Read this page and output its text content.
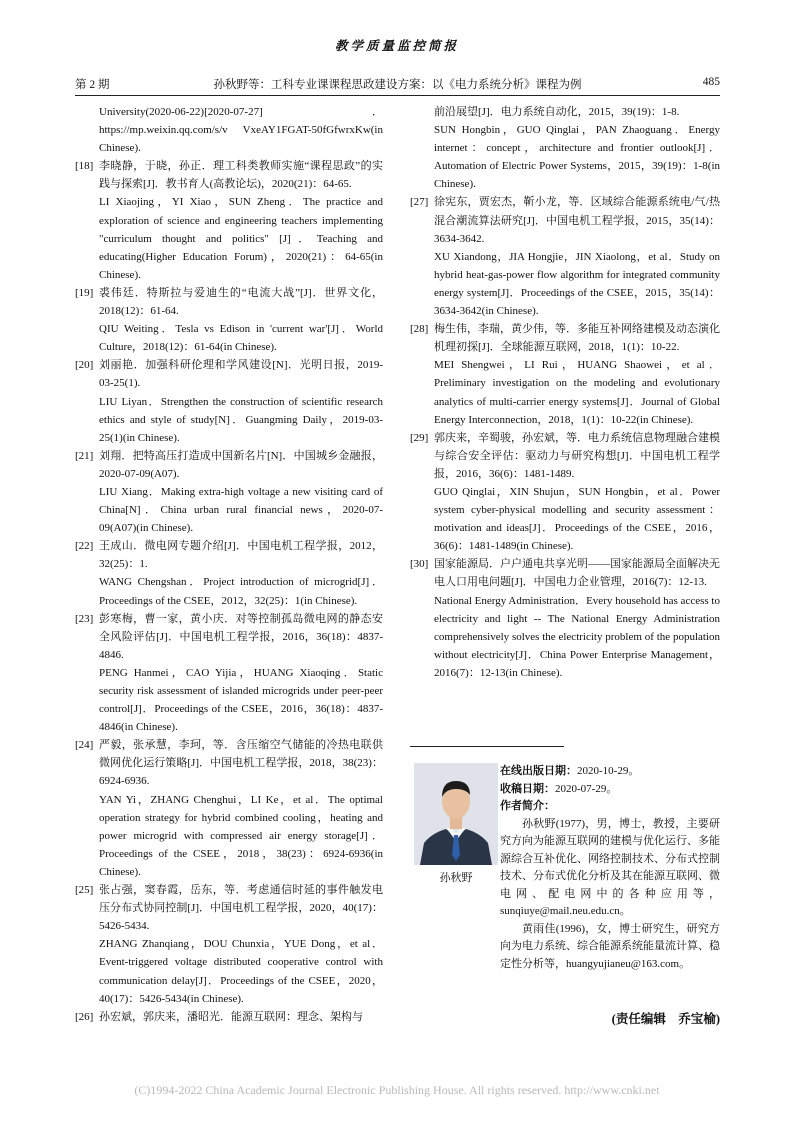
教学质量监控简报
第 2 期	孙秋野等：工科专业课课程思政建设方案：以《电力系统分析》课程为例	485
University(2020-06-22)[2020-07-27]．https://mp.weixin.qq.com/s/v VxeAY1FGAT-50fGfwrxKw(in Chinese).
[18] 李晓静，于晓，孙正．理工科类教师实施“课程思政”的实践与探索[J]．教书育人(高教论坛)，2020(21)：64-65.
LI Xiaojing，YI Xiao，SUN Zheng．The practice and exploration of science and engineering teachers implementing "curriculum thought and politics" [J]．Teaching and educating(Higher Education Forum)，2020(21)：64-65(in Chinese).
[19] 裘伟廷．特斯拉与爱迪生的“电流大战”[J]．世界文化，2018(12)：61-64.
QIU Weiting．Tesla vs Edison in 'current war'[J]．World Culture，2018(12)：61-64(in Chinese).
[20] 刘丽艳．加强科研伦理和学风建设[N]．光明日报，2019-03-25(1).
LIU Liyan．Strengthen the construction of scientific research ethics and style of study[N]．Guangming Daily，2019-03-25(1)(in Chinese).
[21] 刘翔．把特高压打造成中国新名片[N]．中国城乡金融报，2020-07-09(A07).
LIU Xiang．Making extra-high voltage a new visiting card of China[N]．China urban rural financial news，2020-07-09(A07)(in Chinese).
[22] 王成山．微电网专题介绍[J]．中国电机工程学报，2012，32(25)：1.
WANG Chengshan．Project introduction of microgrid[J]．Proceedings of the CSEE，2012，32(25)：1(in Chinese).
[23] 彭寒梅，曹一家，黄小庆．对等控制孤岛微电网的静态安全风险评估[J]．中国电机工程学报，2016，36(18)：4837-4846.
PENG Hanmei，CAO Yijia，HUANG Xiaoqing．Static security risk assessment of islanded microgrids under peer-peer control[J]．Proceedings of the CSEE，2016，36(18)：4837-4846(in Chinese).
[24] 严毅，张承慧，李珂，等．含压缩空气储能的冷热电联供微网优化运行策略[J]．中国电机工程学报，2018，38(23)：6924-6936.
YAN Yi，ZHANG Chenghui，LI Ke，et al．The optimal operation strategy for hybrid combined cooling，heating and power microgrid with compressed air energy storage[J]．Proceedings of the CSEE，2018，38(23)：6924-6936(in Chinese).
[25] 张占强，窦春霞，岳东，等．考虑通信时延的事件触发电压分布式协同控制[J]．中国电机工程学报，2020，40(17)：5426-5434.
ZHANG Zhanqiang，DOU Chunxia，YUE Dong，et al．Event-triggered voltage distributed cooperative control with communication delay[J]．Proceedings of the CSEE，2020，40(17)：5426-5434(in Chinese).
[26] 孙宏斌，郭庆来，潘昭光．能源互联网：理念、架构与
前沿展望[J]．电力系统自动化，2015，39(19)：1-8.
SUN Hongbin，GUO Qinglai，PAN Zhaoguang．Energy internet：concept，architecture and frontier outlook[J]．Automation of Electric Power Systems，2015，39(19)：1-8(in Chinese).
[27] 徐宪东，贾宏杰，靳小龙，等．区域综合能源系统电/气/热混合潮流算法研究[J]．中国电机工程学报，2015，35(14)：3634-3642.
XU Xiandong，JIA Hongjie，JIN Xiaolong，et al．Study on hybrid heat-gas-power flow algorithm for integrated community energy system[J]．Proceedings of the CSEE，2015，35(14)：3634-3642(in Chinese).
[28] 梅生伟，李瑞，黄少伟，等．多能互补网络建模及动态演化机理初探[J]．全球能源互联网，2018，1(1)：10-22.
MEI Shengwei，LI Rui，HUANG Shaowei，et al．Preliminary investigation on the modeling and evolutionary analytics of multi-carrier energy systems[J]．Journal of Global Energy Interconnection，2018，1(1)：10-22(in Chinese).
[29] 郭庆来，辛蜀骏，孙宏斌，等．电力系统信息物理融合建模与综合安全评估：驱动力与研究构想[J]．中国电机工程学报，2016，36(6)：1481-1489.
GUO Qinglai，XIN Shujun，SUN Hongbin，et al．Power system cyber-physical modelling and security assessment：motivation and ideas[J]．Proceedings of the CSEE，2016，36(6)：1481-1489(in Chinese).
[30] 国家能源局．户户通电共享光明——国家能源局全面解决无电人口用电问题[J]．中国电力企业管理，2016(7)：12-13.
National Energy Administration．Every household has access to electricity and light -- The National Energy Administration comprehensively solves the electricity problem of the population without electricity[J]．China Power Enterprise Management，2016(7)：12-13(in Chinese).
孙秋野
在线出版日期：2020-10-29。
收稿日期：2020-07-29。
作者简介：
孙秋野(1977)，男，博士，教授，主要研究方向为能源互联网的建模与优化运行、多能源综合互补优化、网络控制技术、分布式控制技术、分布式优化分析及其在能源互联网、微电网、配电网中的各种应用等，sunqiuye@mail.neu.edu.cn。
黄雨佳(1996)，女，博士研究生，研究方向为电力系统、综合能源系统能量流计算、稳定性分析等，huangyujianeu@163.com。
(责任编辑　乔宝榆)
(C)1994-2022 China Academic Journal Electronic Publishing House. All rights reserved. http://www.cnki.net
